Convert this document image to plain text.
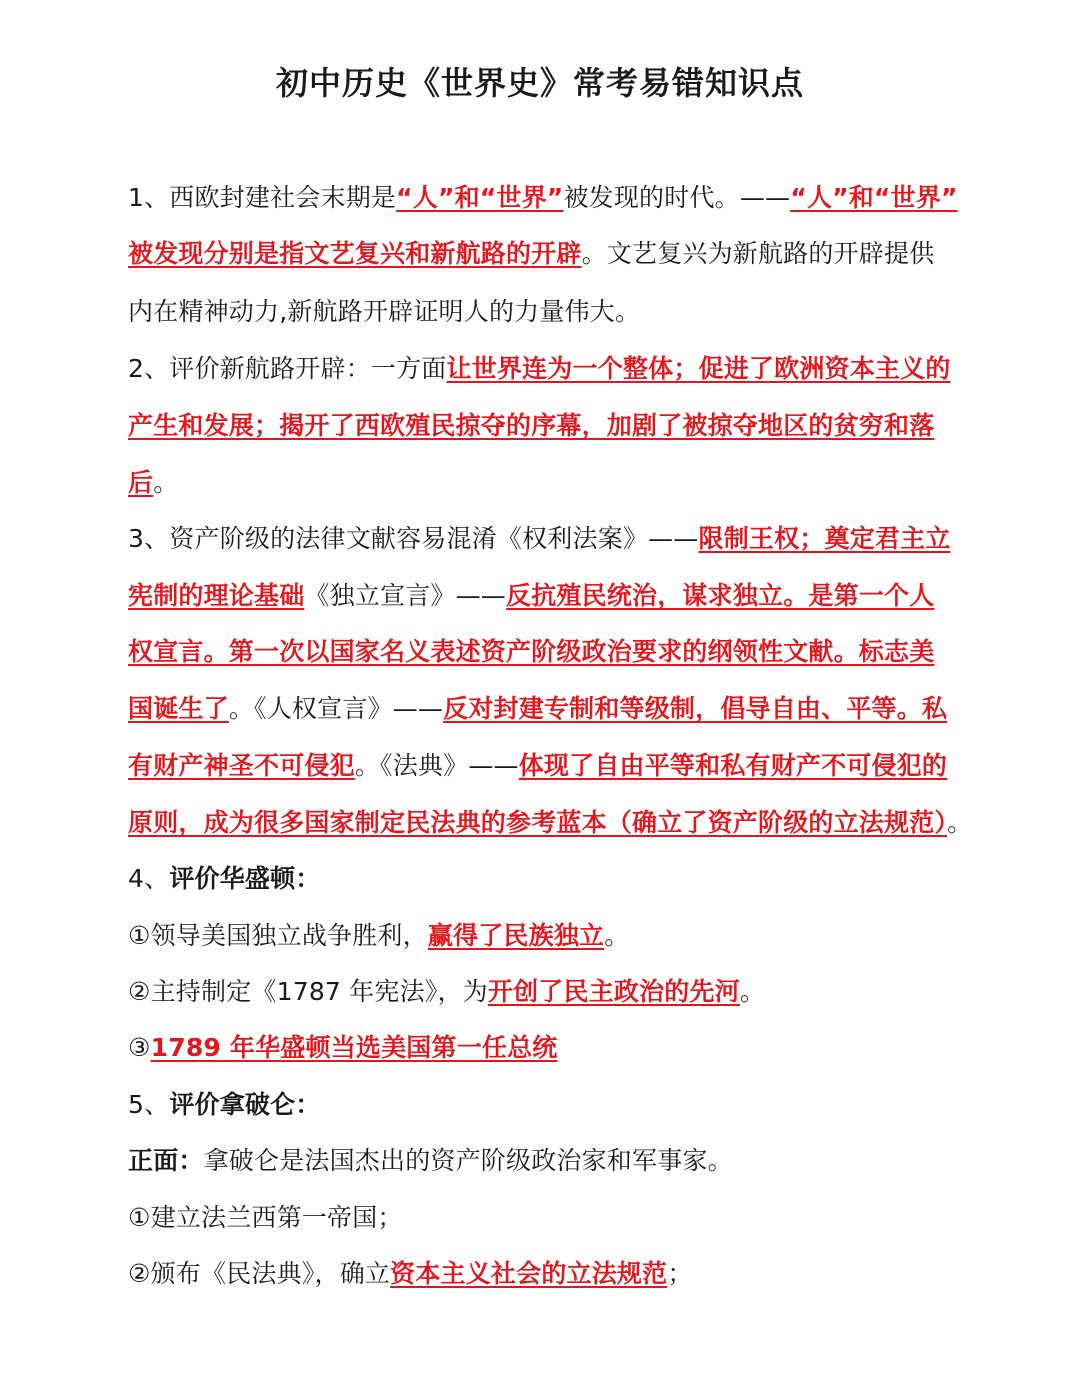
初中历史《世界史》常考易错知识点
1、西欧封建社会末期是“人”和“世界”被发现的时代。——“人”和“世界”
被发现分别是指文艺复兴和新航路的开辟。文艺复兴为新航路的开辟提供
内在精神动力,新航路开辟证明人的力量伟大。
2、评价新航路开辟：一方面让世界连为一个整体；促进了欧洲资本主义的
产生和发展；揭开了西欧殖民掠夺的序幕，加剧了被掠夺地区的贫穷和落
后。
3、资产阶级的法律文献容易混淆《权利法案》——限制王权；奠定君主立
宪制的理论基础《独立宣言》——反抗殖民统治，谋求独立。是第一个人
权宣言。第一次以国家名义表述资产阶级政治要求的纲领性文献。标志美
国诞生了。《人权宣言》——反对封建专制和等级制，倡导自由、平等。私
有财产神圣不可侵犯。《法典》——体现了自由平等和私有财产不可侵犯的
原则，成为很多国家制定民法典的参考蓝本（确立了资产阶级的立法规范）。
4、评价华盛顿：
①领导美国独立战争胜利，赢得了民族独立。
②主持制定《1787 年宪法》，为开创了民主政治的先河。
③1789 年华盛顿当选美国第一任总统
5、评价拿破仑：
正面：拿破仑是法国杰出的资产阶级政治家和军事家。
①建立法兰西第一帝国；
②颁布《民法典》，确立资本主义社会的立法规范；
